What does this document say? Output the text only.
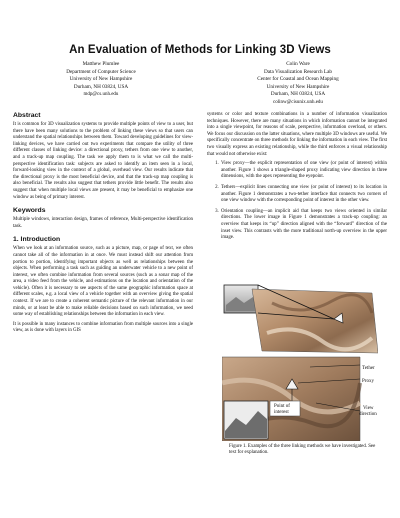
An Evaluation of Methods for Linking 3D Views
Matthew Plumlee
Department of Computer Science
University of New Hampshire
Durham, NH 03824, USA
mdp@cs.unh.edu
Colin Ware
Data Visualization Research Lab
Center for Coastal and Ocean Mapping
University of New Hampshire
Durham, NH 03824, USA
colinw@cisunix.unh.edu
Abstract

It is common for 3D visualization systems to provide multiple points of view to a user, but there have been many solutions to the problem of linking these views so that users can understand the spatial relationships between them. Toward developing guidelines for view-linking devices, we have carried out two experiments that compare the utility of three different classes of linking device: a directional proxy, tethers from one view to another, and a track-up map coupling. The task we apply them to is what we call the multi-perspective identification task: subjects are asked to identify an item seen in a local, forward-looking view in the context of a global, overhead view. Our results indicate that the directional proxy is the most beneficial device, and that the track-up map coupling is also beneficial. The results also suggest that tethers provide little benefit. The results also suggest that when multiple local views are present, it may be beneficial to emphasize one window as being of primary interest.

Keywords

Multiple windows, interaction design, frames of reference, Multi-perspective identification task.

1. Introduction

When we look at an information source, such as a picture, map, or page of text, we often cannot take all of the information in at once. We must instead shift our attention from portion to portion, identifying important objects as well as relationships between the objects. When performing a task such as guiding an underwater vehicle to a new point of interest, we often combine information from several sources (such as a sonar map of the area, a video feed from the vehicle, and estimations on the location and orientation of the vehicle). Often it is necessary to see aspects of the same geographic information space at different scales, e.g. a local view of a vehicle together with an overview giving the spatial context. If we are to create a coherent semantic picture of the relevant information in our minds, or at least be able to make reliable decisions based on such information, we need some way of establishing relationships between the information in each view.

It is possible in many instances to combine information from multiple sources into a single view, as is done with layers in GIS

systems or color and texture combinations in a number of information visualization techniques. However, there are many situations in which information cannot be integrated into a single viewpoint, for reasons of scale, perspective, information overload, or others. We focus our discussion on the latter situations, where multiple 3D windows are useful. We specifically concentrate on three methods for linking the information in each view. The first two visually express an existing relationship, while the third enforces a visual relationship that would not otherwise exist:

1. View proxy—the explicit representation of one view (or point of interest) within another. Figure 1 shows a triangle-shaped proxy indicating view direction in three dimensions, with the apex representing the eyepoint.
2. Tethers—explicit lines connecting one view (or point of interest) to its location in another. Figure 1 demonstrates a two-tether interface that connects two corners of one view window with the corresponding point of interest in the other view.
3. Orientation coupling—an implicit aid that keeps two views oriented in similar directions. The lower image in Figure 1 demonstrates a track-up coupling: an overview that keeps its “up” direction aligned with the “forward” direction of the inset view. This contrasts with the more traditional north-up overview in the upper image.
Tether
Proxy
Point of
interest
View
direction
Figure 1. Examples of the three linking methods we have investigated. See text for explanation.
